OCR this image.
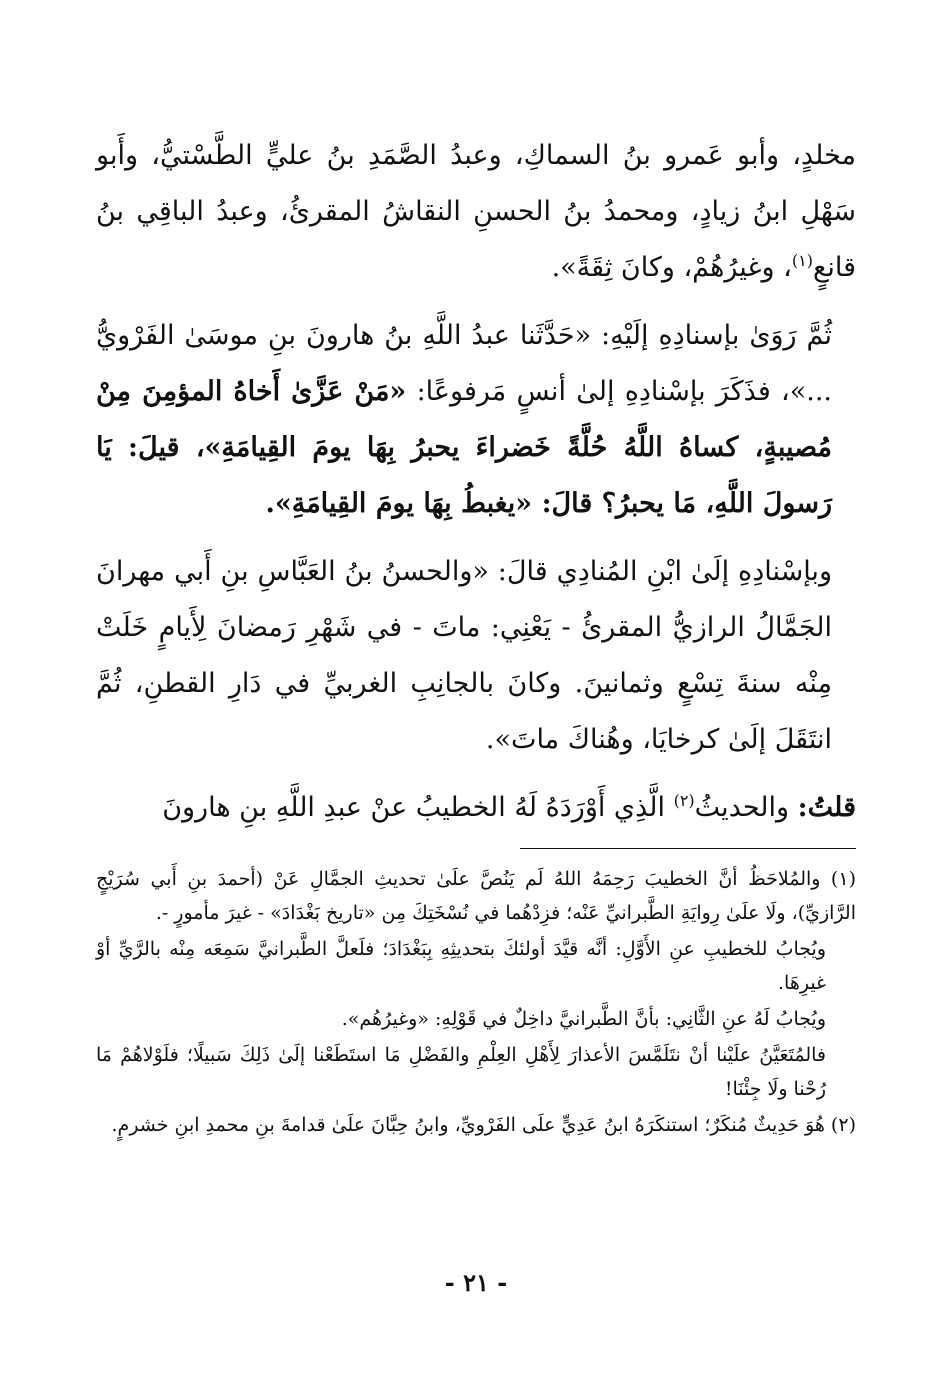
مخلدٍ، وأبو عَمرو بنُ السماكِ، وعبدُ الصَّمَدِ بنُ عليٍّ الطَّسْتيُّ، وأَبو سَهْلِ ابنُ زيادٍ، ومحمدُ بنُ الحسنِ النقاشُ المقرئُ، وعبدُ الباقِي بنُ قانعٍ$^{(١)}$، وغيرُهُمْ، وكانَ ثِقَةً».

ثُمَّ رَوَىٰ بإسنادِهِ إلَيْهِ: «حَدَّثَنا عبدُ اللَّهِ بنُ هارونَ بنِ موسَىٰ الفَرْويُّ ...»، فذَكَرَ بإسْنادِهِ إلىٰ أنسٍ مَرفوعًا: «مَنْ عَزَّىٰ أَخاهُ المؤمِنَ مِنْ مُصيبةٍ، كساهُ اللَّهُ حُلَّةً خَضراءَ يحبرُ بِهَا يومَ القِيامَةِ»، قيلَ: يَا رَسولَ اللَّهِ، مَا يحبرُ؟ قالَ: «يغبطُ بِهَا يومَ القِيامَةِ».

وبإسْنادِهِ إلَىٰ ابْنِ المُنادِي قالَ: «والحسنُ بنُ العَبَّاسِ بنِ أَبي مهرانَ الجَمَّالُ الرازيُّ المقرئُ - يَعْنِي: ماتَ - في شَهْرِ رَمضانَ لِأَيامٍ خَلَتْ مِنْه سنةَ تِسْعٍ وثمانينَ. وكانَ بالجانِبِ الغربيِّ في دَارِ القطنِ، ثُمَّ انتَقَلَ إلَىٰ كرخايَا، وهُناكَ ماتَ».

قلتُ: والحديثُ$^{(٢)}$ الَّذِي أَوْرَدَهُ لَهُ الخطيبُ عنْ عبدِ اللَّهِ بنِ هارونَ

(١) والمُلاحَظُ أنَّ الخطيبَ رَحِمَهُ اللهُ لَم يَنُصَّ علَىٰ تحديثِ الجمَّالِ عَنْ (أحمدَ بنِ أَبي سُرَيْجٍ الرَّازيِّ)، ولَا علَىٰ رِوايَةِ الطَّبرانيِّ عَنْه؛ فزِدْهُما في نُسْخَتِكَ مِن «تاريخ بَغْدَادَ» - غيرَ مأمورٍ -.

ويُجابُ للخطيبِ عنِ الأَوَّلِ: أنَّه قيَّدَ أولئكَ بتحديثِهِ بِبَغْدَادَ؛ فلَعلَّ الطَّبرانيَّ سَمِعَه مِنْه بالرَّيِّ أوْ غيرِهَا.

ويُجابُ لَهُ عنِ الثَّانِي: بأنَّ الطَّبرانيَّ داخِلٌ في قَوْلِهِ: «وغيرُهُم».

فالمُتَعَيَّنُ علَيْنا أنْ نتَلَمَّسَ الأعذارَ لِأَهْلِ العِلْمِ والفَضْلِ مَا استَطَعْنا إلَىٰ ذَلِكَ سَبيلًا؛ فلَوْلاهُمْ مَا رُحْنا ولَا جِئْنَا!

(٢) هُوَ حَدِيثٌ مُنكَرٌ؛ استنكَرَهُ ابنُ عَدِيٍّ علَى الفَرْويِّ، وابنُ حِبَّانَ علَىٰ قدامةَ بنِ محمدِ ابنِ خشرمٍ.

- ٢١ -
